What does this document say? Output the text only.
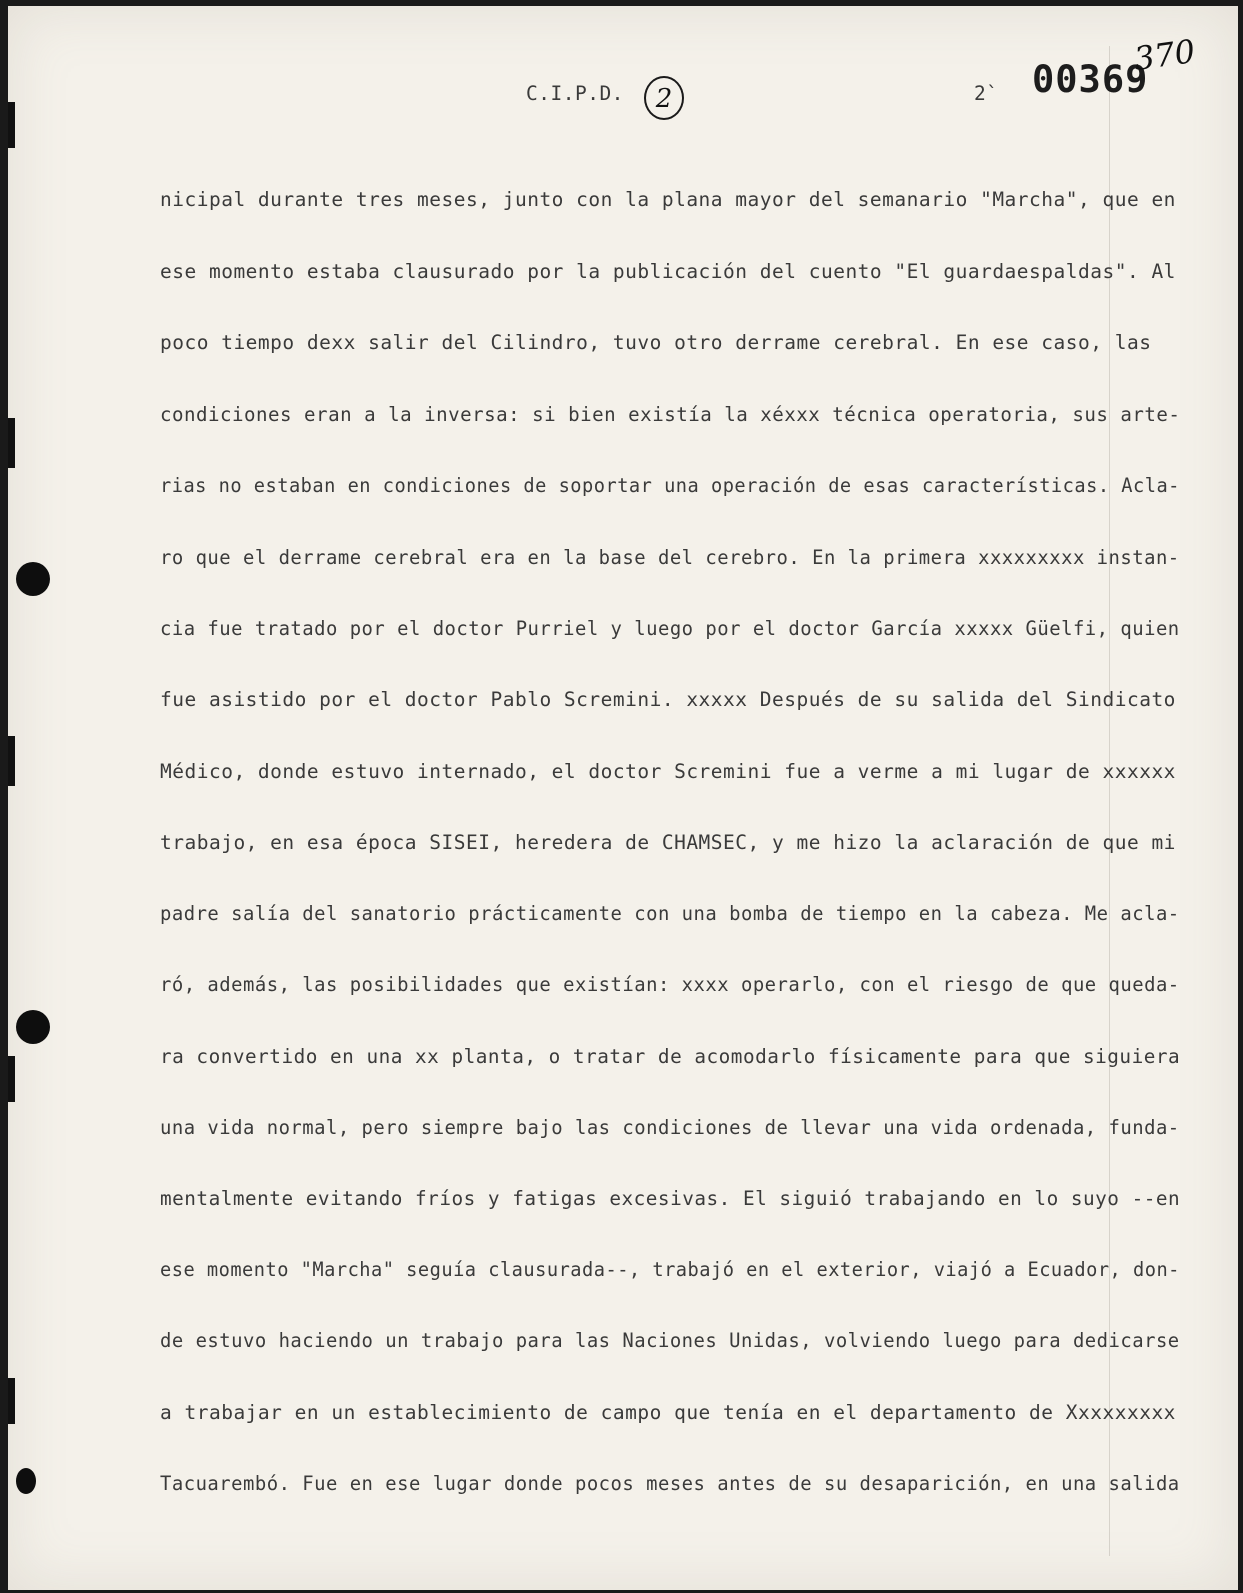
C.I.P.D.	2	2` 00369
370
nicipal durante tres meses, junto con la plana mayor del semanario "Marcha", que en
ese momento estaba clausurado por la publicación del cuento "El guardaespaldas". Al
poco tiempo dexx salir del Cilindro, tuvo otro derrame cerebral. En ese caso, las
condiciones eran a la inversa: si bien existía la xéxxx técnica operatoria, sus arte-
rias no estaban en condiciones de soportar una operación de esas características. Acla-
ro que el derrame cerebral era en la base del cerebro. En la primera xxxxxxxxx instan-
cia fue tratado por el doctor Purriel y luego por el doctor García xxxxx Güelfi, quien
fue asistido por el doctor Pablo Scremini. xxxxx Después de su salida del Sindicato
Médico, donde estuvo internado, el doctor Scremini fue a verme a mi lugar de xxxxxx
trabajo, en esa época SISEI, heredera de CHAMSEC, y me hizo la aclaración de que mi
padre salía del sanatorio prácticamente con una bomba de tiempo en la cabeza. Me acla-
ró, además, las posibilidades que existían: xxxx operarlo, con el riesgo de que queda-
ra convertido en una xx planta, o tratar de acomodarlo físicamente para que siguiera
una vida normal, pero siempre bajo las condiciones de llevar una vida ordenada, funda-
mentalmente evitando fríos y fatigas excesivas. El siguió trabajando en lo suyo --en
ese momento "Marcha" seguía clausurada--, trabajó en el exterior, viajó a Ecuador, don-
de estuvo haciendo un trabajo para las Naciones Unidas, volviendo luego para dedicarse
a trabajar en un establecimiento de campo que tenía en el departamento de Xxxxxxxxx
Tacuarembó. Fue en ese lugar donde pocos meses antes de su desaparición, en una salida
